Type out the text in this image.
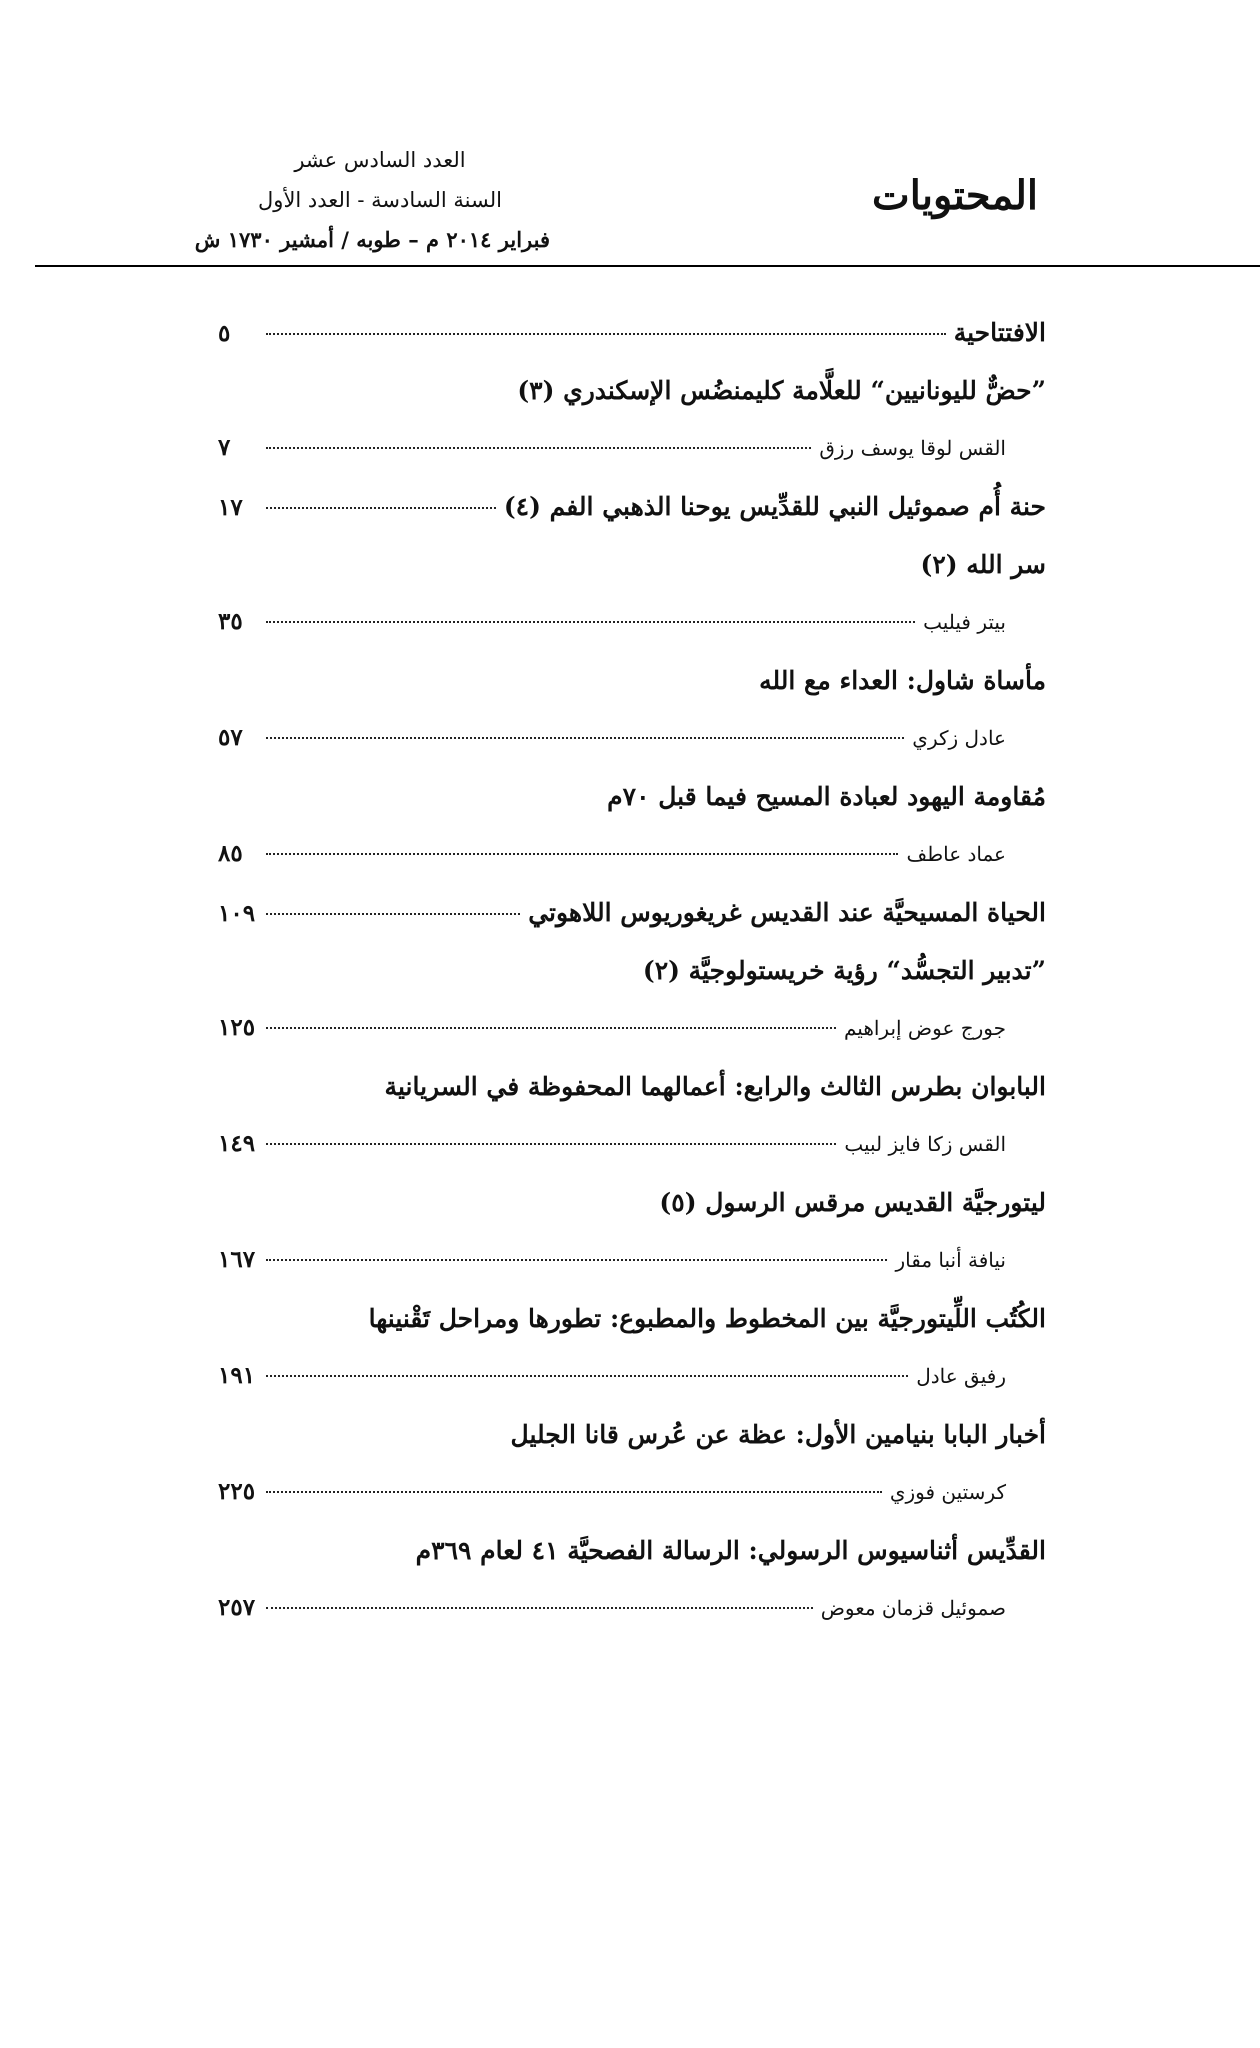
المحتويات
العدد السادس عشر
السنة السادسة - العدد الأول
فبراير ٢٠١٤ م – طوبه / أمشير ١٧٣٠ ش
الافتتاحية
٥
”حضٌّ لليونانيين“ للعلَّامة كليمنضُس الإسكندري (٣)
القس لوقا يوسف رزق
٧
حنة أُم صموئيل النبي للقدِّيس يوحنا الذهبي الفم (٤)
١٧
سر الله (٢)
بيتر فيليب
٣٥
مأساة شاول: العداء مع الله
عادل زكري
٥٧
مُقاومة اليهود لعبادة المسيح فيما قبل ٧٠م
عماد عاطف
٨٥
الحياة المسيحيَّة عند القديس غريغوريوس اللاهوتي
١٠٩
”تدبير التجسُّد“ رؤية خريستولوجيَّة (٢)
جورج عوض إبراهيم
١٢٥
البابوان بطرس الثالث والرابع: أعمالهما المحفوظة في السريانية
القس زكا فايز لبيب
١٤٩
ليتورجيَّة القديس مرقس الرسول (٥)
نيافة أنبا مقار
١٦٧
الكُتُب اللِّيتورجيَّة بين المخطوط والمطبوع: تطورها ومراحل تَقْنينها
رفيق عادل
١٩١
أخبار البابا بنيامين الأول: عظة عن عُرس قانا الجليل
كرستين فوزي
٢٢٥
القدِّيس أثناسيوس الرسولي: الرسالة الفصحيَّة ٤١ لعام ٣٦٩م
صموئيل قزمان معوض
٢٥٧
